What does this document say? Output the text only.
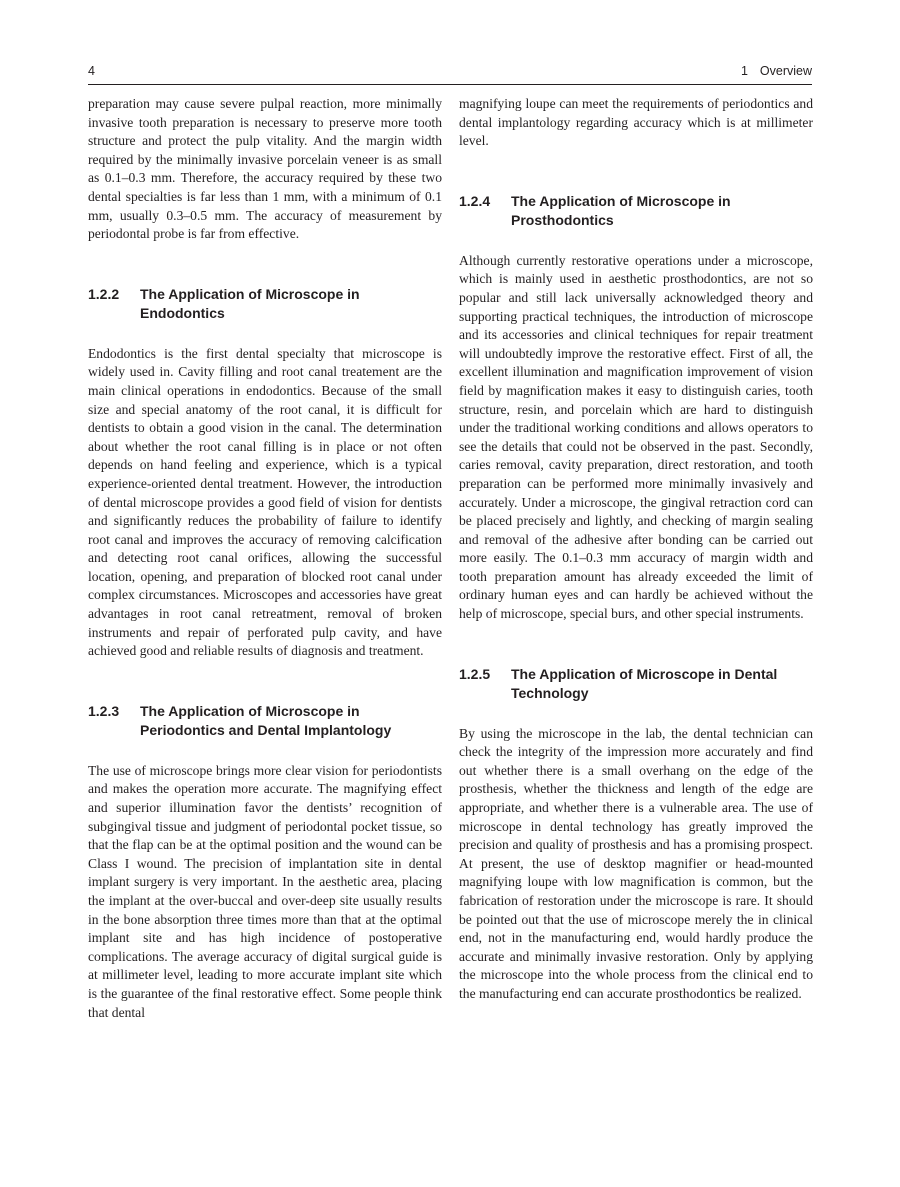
4	1 Overview

preparation may cause severe pulpal reaction, more minimally invasive tooth preparation is necessary to preserve more tooth structure and protect the pulp vitality. And the margin width required by the minimally invasive porcelain veneer is as small as 0.1–0.3 mm. Therefore, the accuracy required by these two dental specialties is far less than 1 mm, with a minimum of 0.1 mm, usually 0.3–0.5 mm. The accuracy of measurement by periodontal probe is far from effective.

1.2.2 The Application of Microscope in Endodontics

Endodontics is the first dental specialty that microscope is widely used in. Cavity filling and root canal treatement are the main clinical operations in endodontics. Because of the small size and special anatomy of the root canal, it is difficult for dentists to obtain a good vision in the canal. The determination about whether the root canal filling is in place or not often depends on hand feeling and experience, which is a typical experience-oriented dental treatment. However, the introduction of dental microscope provides a good field of vision for dentists and significantly reduces the probability of failure to identify root canal and improves the accuracy of removing calcification and detecting root canal orifices, allowing the successful location, opening, and preparation of blocked root canal under complex circumstances. Microscopes and accessories have great advantages in root canal retreatment, removal of broken instruments and repair of perforated pulp cavity, and have achieved good and reliable results of diagnosis and treatment.

1.2.3 The Application of Microscope in Periodontics and Dental Implantology

The use of microscope brings more clear vision for periodontists and makes the operation more accurate. The magnifying effect and superior illumination favor the dentists’ recognition of subgingival tissue and judgment of periodontal pocket tissue, so that the flap can be at the optimal position and the wound can be Class I wound. The precision of implantation site in dental implant surgery is very important. In the aesthetic area, placing the implant at the over-buccal and over-deep site usually results in the bone absorption three times more than that at the optimal implant site and has high incidence of postoperative complications. The average accuracy of digital surgical guide is at millimeter level, leading to more accurate implant site which is the guarantee of the final restorative effect. Some people think that dental

magnifying loupe can meet the requirements of periodontics and dental implantology regarding accuracy which is at millimeter level.

1.2.4 The Application of Microscope in Prosthodontics

Although currently restorative operations under a microscope, which is mainly used in aesthetic prosthodontics, are not so popular and still lack universally acknowledged theory and supporting practical techniques, the introduction of microscope and its accessories and clinical techniques for repair treatment will undoubtedly improve the restorative effect. First of all, the excellent illumination and magnification improvement of vision field by magnification makes it easy to distinguish caries, tooth structure, resin, and porcelain which are hard to distinguish under the traditional working conditions and allows operators to see the details that could not be observed in the past. Secondly, caries removal, cavity preparation, direct restoration, and tooth preparation can be performed more minimally invasively and accurately. Under a microscope, the gingival retraction cord can be placed precisely and lightly, and checking of margin sealing and removal of the adhesive after bonding can be carried out more easily. The 0.1–0.3 mm accuracy of margin width and tooth preparation amount has already exceeded the limit of ordinary human eyes and can hardly be achieved without the help of microscope, special burs, and other special instruments.

1.2.5 The Application of Microscope in Dental Technology

By using the microscope in the lab, the dental technician can check the integrity of the impression more accurately and find out whether there is a small overhang on the edge of the prosthesis, whether the thickness and length of the edge are appropriate, and whether there is a vulnerable area. The use of microscope in dental technology has greatly improved the precision and quality of prosthesis and has a promising prospect. At present, the use of desktop magnifier or head-mounted magnifying loupe with low magnification is common, but the fabrication of restoration under the microscope is rare. It should be pointed out that the use of microscope merely the in clinical end, not in the manufacturing end, would hardly produce the accurate and minimally invasive restoration. Only by applying the microscope into the whole process from the clinical end to the manufacturing end can accurate prosthodontics be realized.
